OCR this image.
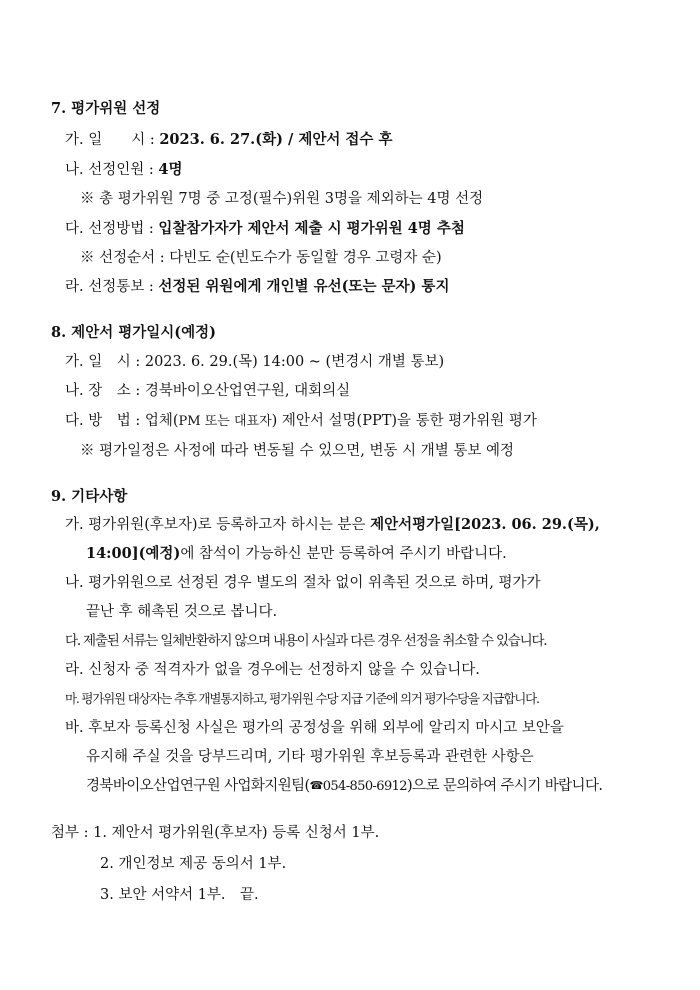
7. 평가위원 선정
가. 일　　시 : 2023. 6. 27.(화) / 제안서 접수 후
나. 선정인원 : 4명
※ 총 평가위원 7명 중 고정(필수)위원 3명을 제외하는 4명 선정
다. 선정방법 : 입찰참가자가 제안서 제출 시 평가위원 4명 추첨
※ 선정순서 : 다빈도 순(빈도수가 동일할 경우 고령자 순)
라. 선정통보 : 선정된 위원에게 개인별 유선(또는 문자) 통지
8. 제안서 평가일시(예정)
가. 일　시 : 2023. 6. 29.(목) 14:00 ~ (변경시 개별 통보)
나. 장　소 : 경북바이오산업연구원, 대회의실
다. 방　법 : 업체(PM 또는 대표자) 제안서 설명(PPT)을 통한 평가위원 평가
※ 평가일정은 사정에 따라 변동될 수 있으면, 변동 시 개별 통보 예정
9. 기타사항
가. 평가위원(후보자)로 등록하고자 하시는 분은 제안서평가일[2023. 06. 29.(목),
14:00](예정)에 참석이 가능하신 분만 등록하여 주시기 바랍니다.
나. 평가위원으로 선정된 경우 별도의 절차 없이 위촉된 것으로 하며, 평가가
끝난 후 해촉된 것으로 봅니다.
다. 제출된 서류는 일체반환하지 않으며 내용이 사실과 다른 경우 선정을 취소할 수 있습니다.
라. 신청자 중 적격자가 없을 경우에는 선정하지 않을 수 있습니다.
마. 평가위원 대상자는 추후 개별통지하고, 평가위원 수당 지급 기준에 의거 평가수당을 지급합니다.
바. 후보자 등록신청 사실은 평가의 공정성을 위해 외부에 알리지 마시고 보안을
유지해 주실 것을 당부드리며, 기타 평가위원 후보등록과 관련한 사항은
경북바이오산업연구원 사업화지원팀(☎054-850-6912)으로 문의하여 주시기 바랍니다.
첨부 : 1. 제안서 평가위원(후보자) 등록 신청서 1부.
2. 개인정보 제공 동의서 1부.
3. 보안 서약서 1부.　끝.
